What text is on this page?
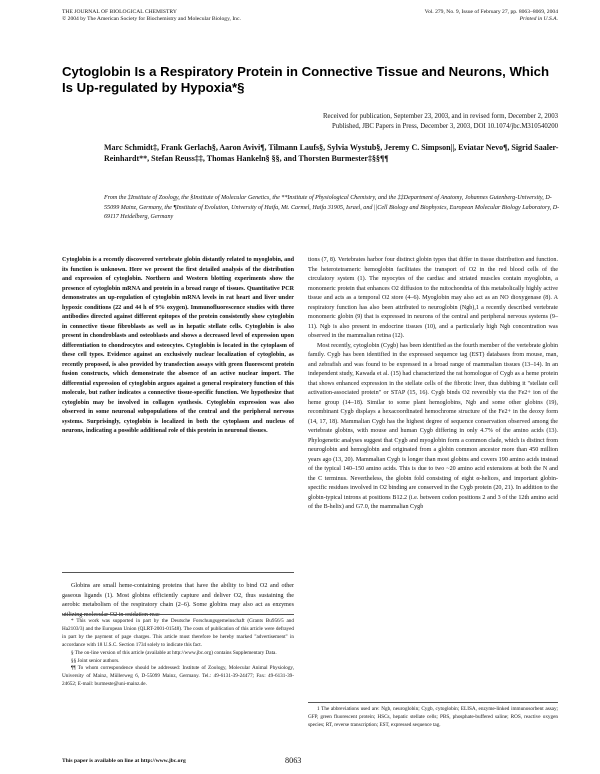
THE JOURNAL OF BIOLOGICAL CHEMISTRY
© 2004 by The American Society for Biochemistry and Molecular Biology, Inc.
Vol. 279, No. 9, Issue of February 27, pp. 8063–8069, 2004
Printed in U.S.A.
Cytoglobin Is a Respiratory Protein in Connective Tissue and Neurons, Which Is Up-regulated by Hypoxia*§
Received for publication, September 23, 2003, and in revised form, December 2, 2003
Published, JBC Papers in Press, December 3, 2003, DOI 10.1074/jbc.M310540200
Marc Schmidt‡, Frank Gerlach§, Aaron Avivi¶, Tilmann Laufs§, Sylvia Wystub§, Jeremy C. Simpson||, Eviatar Nevo¶, Sigrid Saaler-Reinhardt**, Stefan Reuss‡‡, Thomas Hankeln§ §§, and Thorsten Burmester‡§§¶¶
From the ‡Institute of Zoology, the §Institute of Molecular Genetics, the **Institute of Physiological Chemistry, and the ‡‡Department of Anatomy, Johannes Gutenberg-University, D-55099 Mainz, Germany, the ¶Institute of Evolution, University of Haifa, Mt. Carmel, Haifa 31905, Israel, and ||Cell Biology and Biophysics, European Molecular Biology Laboratory, D-69117 Heidelberg, Germany

Cytoglobin is a recently discovered vertebrate globin distantly related to myoglobin, and its function is unknown. Here we present the first detailed analysis of the distribution and expression of cytoglobin. Northern and Western blotting experiments show the presence of cytoglobin mRNA and protein in a broad range of tissues. Quantitative PCR demonstrates an up-regulation of cytoglobin mRNA levels in rat heart and liver under hypoxic conditions (22 and 44 h of 9% oxygen). Immunofluorescence studies with three antibodies directed against different epitopes of the protein consistently show cytoglobin in connective tissue fibroblasts as well as in hepatic stellate cells. Cytoglobin is also present in chondroblasts and osteoblasts and shows a decreased level of expression upon differentiation to chondrocytes and osteocytes. Cytoglobin is located in the cytoplasm of these cell types. Evidence against an exclusively nuclear localization of cytoglobin, as recently proposed, is also provided by transfection assays with green fluorescent protein fusion constructs, which demonstrate the absence of an active nuclear import. The differential expression of cytoglobin argues against a general respiratory function of this molecule, but rather indicates a connective tissue-specific function. We hypothesize that cytoglobin may be involved in collagen synthesis. Cytoglobin expression was also observed in some neuronal subpopulations of the central and the peripheral nervous systems. Surprisingly, cytoglobin is localized in both the cytoplasm and nucleus of neurons, indicating a possible additional role of this protein in neuronal tissues.

Globins are small heme-containing proteins that have the ability to bind O2 and other gaseous ligands (1). Most globins efficiently capture and deliver O2, thus sustaining the aerobic metabolism of the respiratory chain (2–6). Some globins may also act as enzymes utilizing molecular O2 in oxidation reac-

* This work was supported in part by the Deutsche Forschungsgemeinschaft (Grants Bu956/5 and Ha2103/3) and the European Union (QLRT-2001-01548). The costs of publication of this article were defrayed in part by the payment of page charges. This article must therefore be hereby marked "advertisement" in accordance with 18 U.S.C. Section 1734 solely to indicate this fact.

§ The on-line version of this article (available at http://www.jbc.org) contains Supplementary Data.

§§ Joint senior authors.

¶¶ To whom correspondence should be addressed: Institute of Zoology, Molecular Animal Physiology, University of Mainz, Müllerweg 6, D-55099 Mainz, Germany. Tel.: 49-6131-39-24477; Fax: 49-6131-39-24652; E-mail: burmeste@uni-mainz.de.

tions (7, 8). Vertebrates harbor four distinct globin types that differ in tissue distribution and function. The heterotetrameric hemoglobin facilitates the transport of O2 in the red blood cells of the circulatory system (1). The myocytes of the cardiac and striated muscles contain myoglobin, a monomeric protein that enhances O2 diffusion to the mitochondria of this metabolically highly active tissue and acts as a temporal O2 store (4–6). Myoglobin may also act as an NO dioxygenase (8). A respiratory function has also been attributed to neuroglobin (Ngb),1 a recently described vertebrate monomeric globin (9) that is expressed in neurons of the central and peripheral nervous systems (9–11). Ngb is also present in endocrine tissues (10), and a particularly high Ngb concentration was observed in the mammalian retina (12).

Most recently, cytoglobin (Cygb) has been identified as the fourth member of the vertebrate globin family. Cygb has been identified in the expressed sequence tag (EST) databases from mouse, man, and zebrafish and was found to be expressed in a broad range of mammalian tissues (13–14). In an independent study, Kawada et al. (15) had characterized the rat homologue of Cygb as a heme protein that shows enhanced expression in the stellate cells of the fibrotic liver, thus dubbing it "stellate cell activation-associated protein" or STAP (15, 16). Cygb binds O2 reversibly via the Fe2+ ion of the heme group (14–18). Similar to some plant hemoglobins, Ngb and some other globins (19), recombinant Cygb displays a hexacoordinated hemochrome structure of the Fe2+ in the deoxy form (14, 17, 18). Mammalian Cygb has the highest degree of sequence conservation observed among the vertebrate globins, with mouse and human Cygb differing in only 4.7% of the amino acids (13). Phylogenetic analyses suggest that Cygb and myoglobin form a common clade, which is distinct from neuroglobin and hemoglobin and originated from a globin common ancestor more than 450 million years ago (13, 20). Mammalian Cygb is longer than most globins and covers 190 amino acids instead of the typical 140–150 amino acids. This is due to two ~20 amino acid extensions at both the N and the C terminus. Nevertheless, the globin fold consisting of eight α-helices, and important globin-specific residues involved in O2 binding are conserved in the Cygb protein (20, 21). In addition to the globin-typical introns at positions B12.2 (i.e. between codon positions 2 and 3 of the 12th amino acid of the B-helix) and G7.0, the mammalian Cygb

1 The abbreviations used are: Ngb, neuroglobin; Cygb, cytoglobin; ELISA, enzyme-linked immunosorbent assay; GFP, green fluorescent protein; HSCs, hepatic stellate cells; PBS, phosphate-buffered saline; ROS, reactive oxygen species; RT, reverse transcription; EST, expressed sequence tag.

This paper is available on line at http://www.jbc.org	8063
